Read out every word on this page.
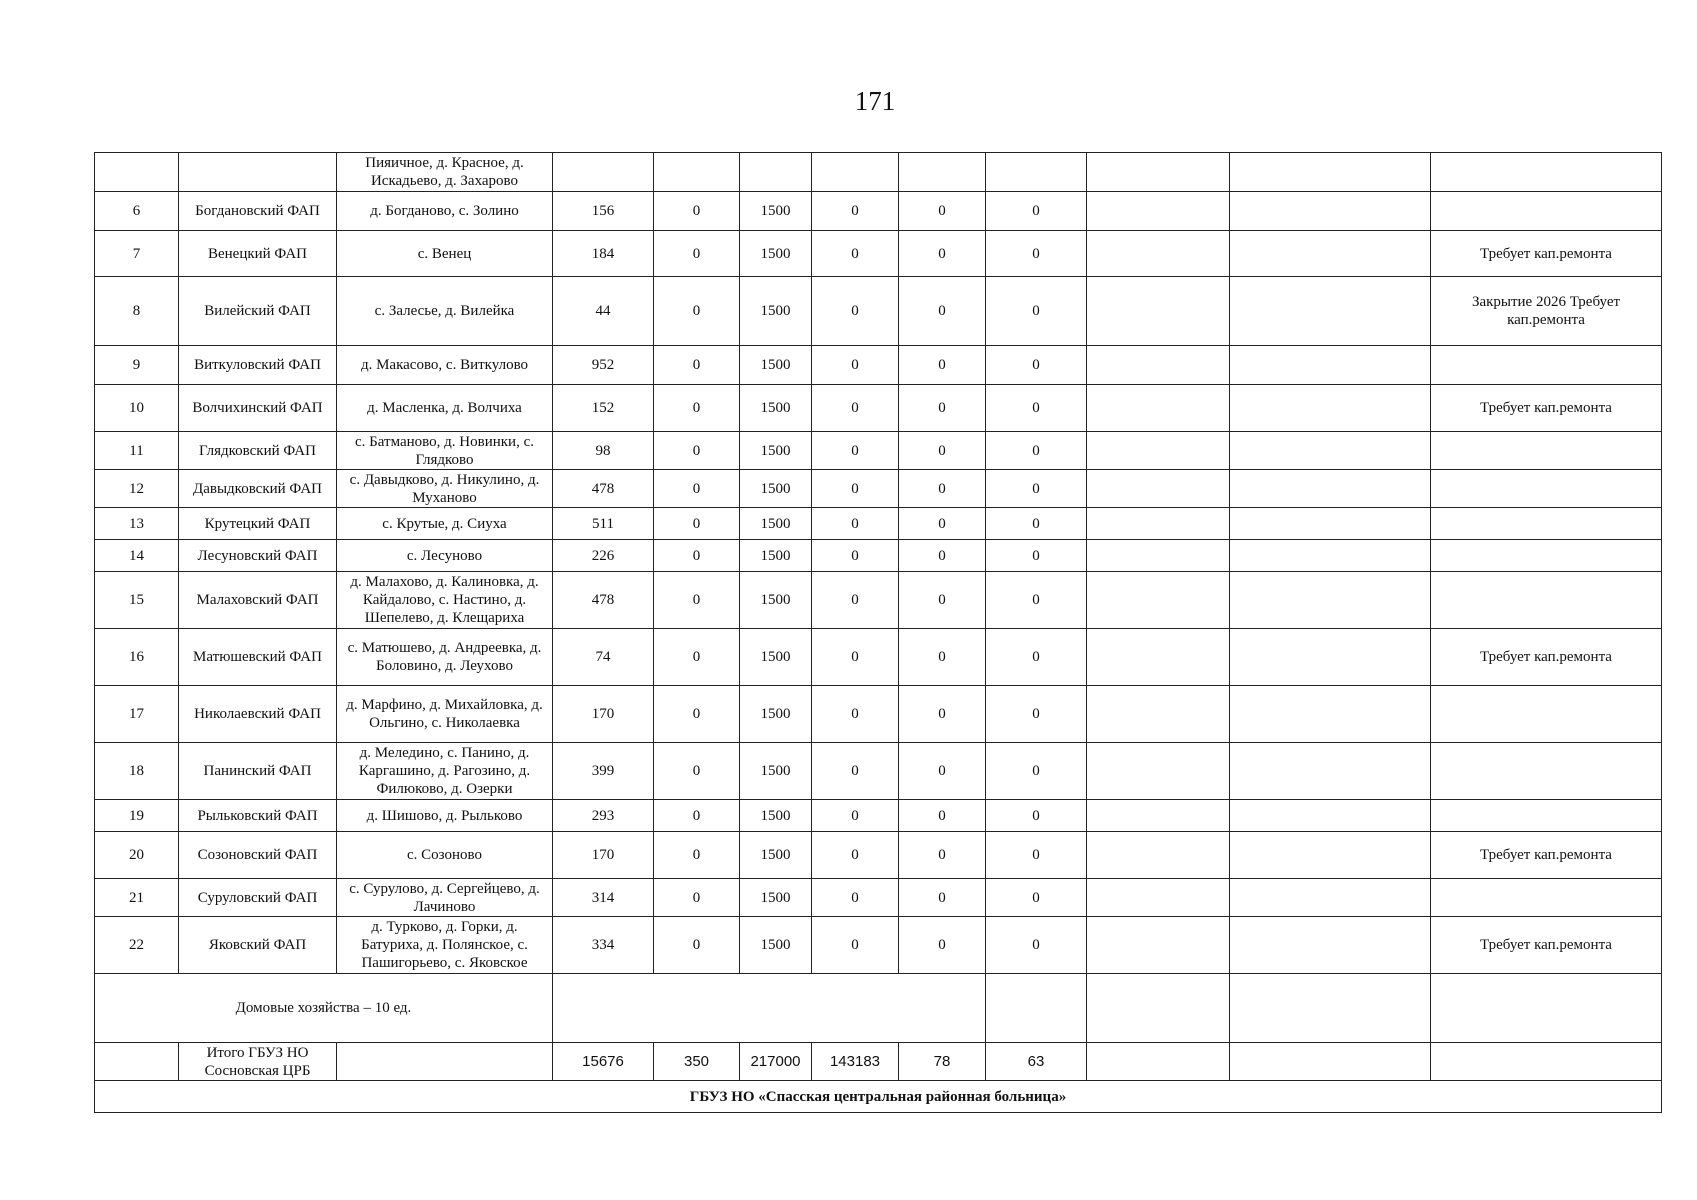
171
		Пияичное, д. Красное, д. Искадьево, д. Захарово									
6	Богдановский ФАП	д. Богданово, с. Золино	156	0	1500	0	0	0			
7	Венецкий ФАП	с. Венец	184	0	1500	0	0	0			Требует кап.ремонта
8	Вилейский ФАП	с. Залесье, д. Вилейка	44	0	1500	0	0	0			Закрытие 2026 Требует кап.ремонта
9	Виткуловский ФАП	д. Макасово, с. Виткулово	952	0	1500	0	0	0			
10	Волчихинский ФАП	д. Масленка, д. Волчиха	152	0	1500	0	0	0			Требует кап.ремонта
11	Глядковский ФАП	с. Батманово, д. Новинки, с. Глядково	98	0	1500	0	0	0			
12	Давыдковский ФАП	с. Давыдково, д. Никулино, д. Муханово	478	0	1500	0	0	0			
13	Крутецкий ФАП	с. Крутые, д. Сиуха	511	0	1500	0	0	0			
14	Лесуновский ФАП	с. Лесуново	226	0	1500	0	0	0			
15	Малаховский ФАП	д. Малахово, д. Калиновка, д. Кайдалово, с. Настино, д. Шепелево, д. Клещариха	478	0	1500	0	0	0			
16	Матюшевский ФАП	с. Матюшево, д. Андреевка, д. Боловино, д. Леухово	74	0	1500	0	0	0			Требует кап.ремонта
17	Николаевский ФАП	д. Марфино, д. Михайловка, д. Ольгино, с. Николаевка	170	0	1500	0	0	0			
18	Панинский ФАП	д. Меледино, с. Панино, д. Каргашино, д. Рагозино, д. Филюково, д. Озерки	399	0	1500	0	0	0			
19	Рыльковский ФАП	д. Шишово, д. Рыльково	293	0	1500	0	0	0			
20	Созоновский ФАП	с. Созоново	170	0	1500	0	0	0			Требует кап.ремонта
21	Суруловский ФАП	с. Сурулово, д. Сергейцево, д. Лачиново	314	0	1500	0	0	0			
22	Яковский ФАП	д. Турково, д. Горки, д. Батуриха, д. Полянское, с. Пашигорьево, с. Яковское	334	0	1500	0	0	0			Требует кап.ремонта
Домовые хозяйства – 10 ед.											
	Итого ГБУЗ НО Сосновская ЦРБ		15676	350	217000	143183	78	63			
ГБУЗ НО «Спасская центральная районная больница»											
